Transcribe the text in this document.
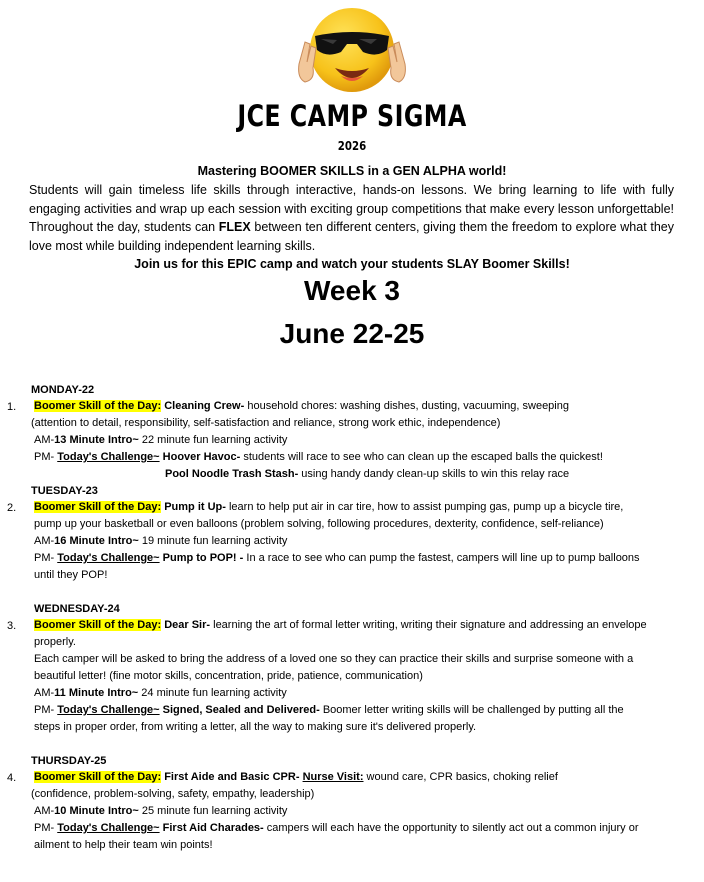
JCE CAMP SIGMA
2026
Mastering BOOMER SKILLS in a GEN ALPHA world!

Students will gain timeless life skills through interactive, hands-on lessons. We bring learning to life with fully engaging activities and wrap up each session with exciting group competitions that make every lesson unforgettable! Throughout the day, students can FLEX between ten different centers, giving them the freedom to explore what they love most while building independent learning skills.

Join us for this EPIC camp and watch your students SLAY Boomer Skills!
Week 3
June 22-25
MONDAY-22
1. Boomer Skill of the Day: Cleaning Crew- household chores: washing dishes, dusting, vacuuming, sweeping
(attention to detail, responsibility, self-satisfaction and reliance, strong work ethic, independence)
AM-13 Minute Intro~ 22 minute fun learning activity
PM- Today's Challenge~ Hoover Havoc- students will race to see who can clean up the escaped balls the quickest!
Pool Noodle Trash Stash- using handy dandy clean-up skills to win this relay race
TUESDAY-23
2. Boomer Skill of the Day: Pump it Up- learn to help put air in car tire, how to assist pumping gas, pump up a bicycle tire,
pump up your basketball or even balloons (problem solving, following procedures, dexterity, confidence, self-reliance)
AM-16 Minute Intro~ 19 minute fun learning activity
PM- Today's Challenge~ Pump to POP! - In a race to see who can pump the fastest, campers will line up to pump balloons
until they POP!
WEDNESDAY-24
3. Boomer Skill of the Day: Dear Sir- learning the art of formal letter writing, writing their signature and addressing an envelope
properly.
Each camper will be asked to bring the address of a loved one so they can practice their skills and surprise someone with a
beautiful letter! (fine motor skills, concentration, pride, patience, communication)
AM-11 Minute Intro~ 24 minute fun learning activity
PM- Today's Challenge~ Signed, Sealed and Delivered- Boomer letter writing skills will be challenged by putting all the
steps in proper order, from writing a letter, all the way to making sure it's delivered properly.
THURSDAY-25
4. Boomer Skill of the Day: First Aide and Basic CPR- Nurse Visit: wound care, CPR basics, choking relief
(confidence, problem-solving, safety, empathy, leadership)
AM-10 Minute Intro~ 25 minute fun learning activity
PM- Today's Challenge~ First Aid Charades- campers will each have the opportunity to silently act out a common injury or
ailment to help their team win points!
